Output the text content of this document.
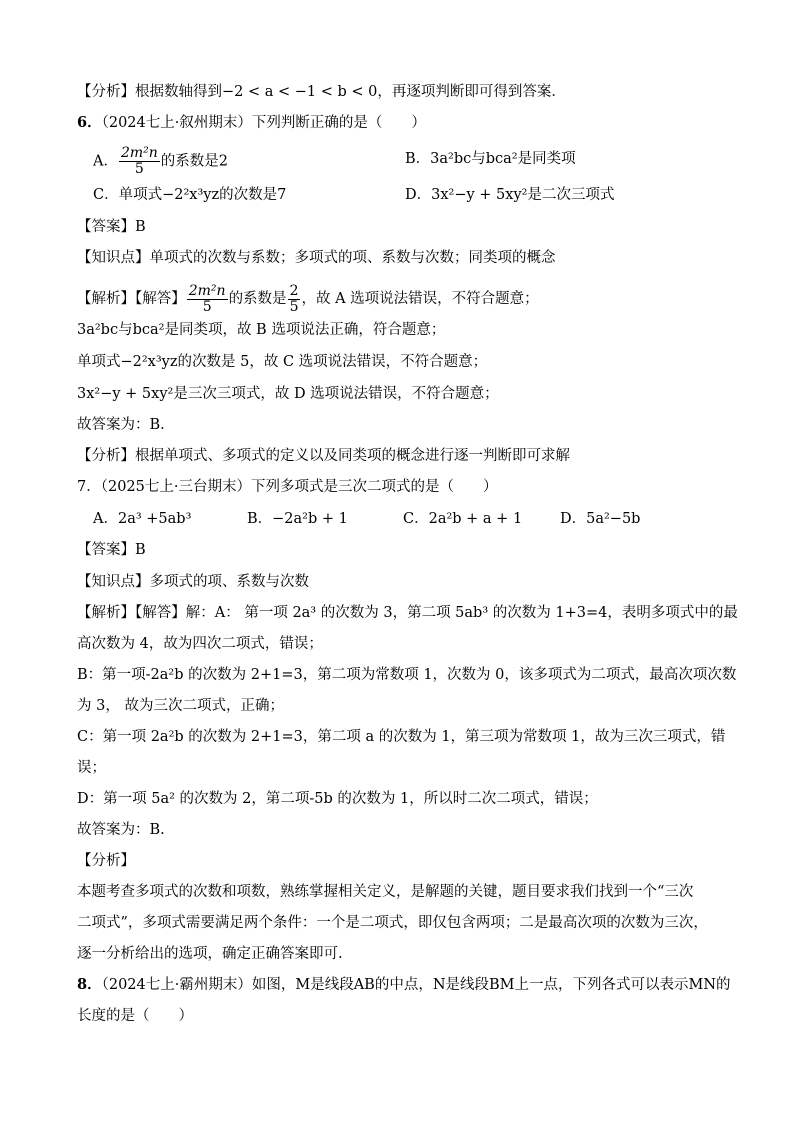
【分析】根据数轴得到−2 < a < −1 < b < 0，再逐项判断即可得到答案．
6．（2024七上·叙州期末）下列判断正确的是（　　）
A． $\frac{\text{2m²n}}{5}$ 的系数是2	B．3a²bc与bca²是同类项
C．单项式−2²x³yz的次数是7	D．3x²−y + 5xy²是二次三项式
【答案】B
【知识点】单项式的次数与系数；多项式的项、系数与次数；同类项的概念
【解析】【解答】 $\frac{\text{2m²n}}{5}$ 的系数是 $\frac{2}{5}$ ，故 A 选项说法错误，不符合题意；
3a²bc与bca²是同类项，故 B 选项说法正确，符合题意；
单项式−2²x³yz的次数是 5，故 C 选项说法错误，不符合题意；
3x²−y + 5xy²是三次三项式，故 D 选项说法错误，不符合题意；
故答案为：B.
【分析】根据单项式、多项式的定义以及同类项的概念进行逐一判断即可求解
7．（2025七上·三台期末）下列多项式是三次二项式的是（　　）
A．2a³ +5ab³	B．−2a²b + 1	C．2a²b + a + 1	D．5a²−5b
【答案】B
【知识点】多项式的项、系数与次数
【解析】【解答】解：A： 第一项 2a³ 的次数为 3，第二项 5ab³ 的次数为 1+3=4，表明多项式中的最
高次数为 4，故为四次二项式，错误；
B：第一项-2a²b 的次数为 2+1=3，第二项为常数项 1，次数为 0，该多项式为二项式，最高次项次数
为 3， 故为三次二项式，正确；
C：第一项 2a²b 的次数为 2+1=3，第二项 a 的次数为 1，第三项为常数项 1，故为三次三项式，错
误；
D：第一项 5a² 的次数为 2，第二项-5b 的次数为 1，所以时二次二项式，错误；
故答案为：B.
【分析】
本题考查多项式的次数和项数，熟练掌握相关定义，是解题的关键，题目要求我们找到一个“三次
二项式”，多项式需要满足两个条件：一个是二项式，即仅包含两项；二是最高次项的次数为三次，
逐一分析给出的选项，确定正确答案即可.
8．（2024七上·霸州期末）如图，M是线段AB的中点，N是线段BM上一点，下列各式可以表示MN的
长度的是（　　）
